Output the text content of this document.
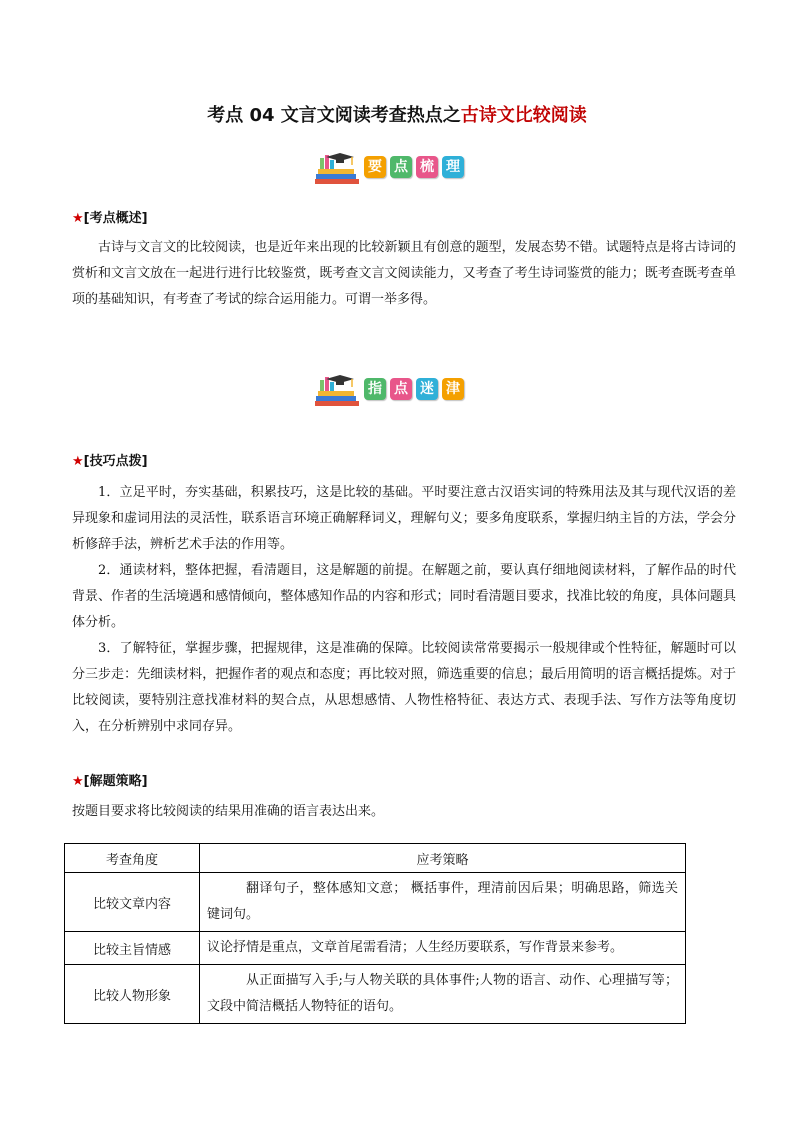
考点 04 文言文阅读考查热点之古诗文比较阅读
要 点 梳 理
★[考点概述]
古诗与文言文的比较阅读，也是近年来出现的比较新颖且有创意的题型，发展态势不错。试题特点是将古诗词的赏析和文言文放在一起进行进行比较鉴赏，既考查文言文阅读能力，又考查了考生诗词鉴赏的能力；既考查既考查单项的基础知识，有考查了考试的综合运用能力。可谓一举多得。
指 点 迷 津
★[技巧点拨]
1．立足平时，夯实基础，积累技巧，这是比较的基础。平时要注意古汉语实词的特殊用法及其与现代汉语的差异现象和虚词用法的灵活性，联系语言环境正确解释词义，理解句义；要多角度联系，掌握归纳主旨的方法，学会分析修辞手法，辨析艺术手法的作用等。
2．通读材料，整体把握，看清题目，这是解题的前提。在解题之前，要认真仔细地阅读材料，了解作品的时代背景、作者的生活境遇和感情倾向，整体感知作品的内容和形式；同时看清题目要求，找准比较的角度，具体问题具体分析。
3．了解特征，掌握步骤，把握规律，这是准确的保障。比较阅读常常要揭示一般规律或个性特征，解题时可以分三步走：先细读材料，把握作者的观点和态度；再比较对照，筛选重要的信息；最后用简明的语言概括提炼。对于比较阅读，要特别注意找准材料的契合点，从思想感情、人物性格特征、表达方式、表现手法、写作方法等角度切入，在分析辨别中求同存异。
★[解题策略]
按题目要求将比较阅读的结果用准确的语言表达出来。
考查角度	应考策略
比较文章内容	翻译句子，整体感知文意； 概括事件，理清前因后果；明确思路，筛选关键词句。

比较主旨情感	议论抒情是重点，文章首尾需看清；人生经历要联系，写作背景来参考。

比较人物形象	从正面描写入手;与人物关联的具体事件;人物的语言、动作、心理描写等；文段中简洁概括人物特征的语句。
